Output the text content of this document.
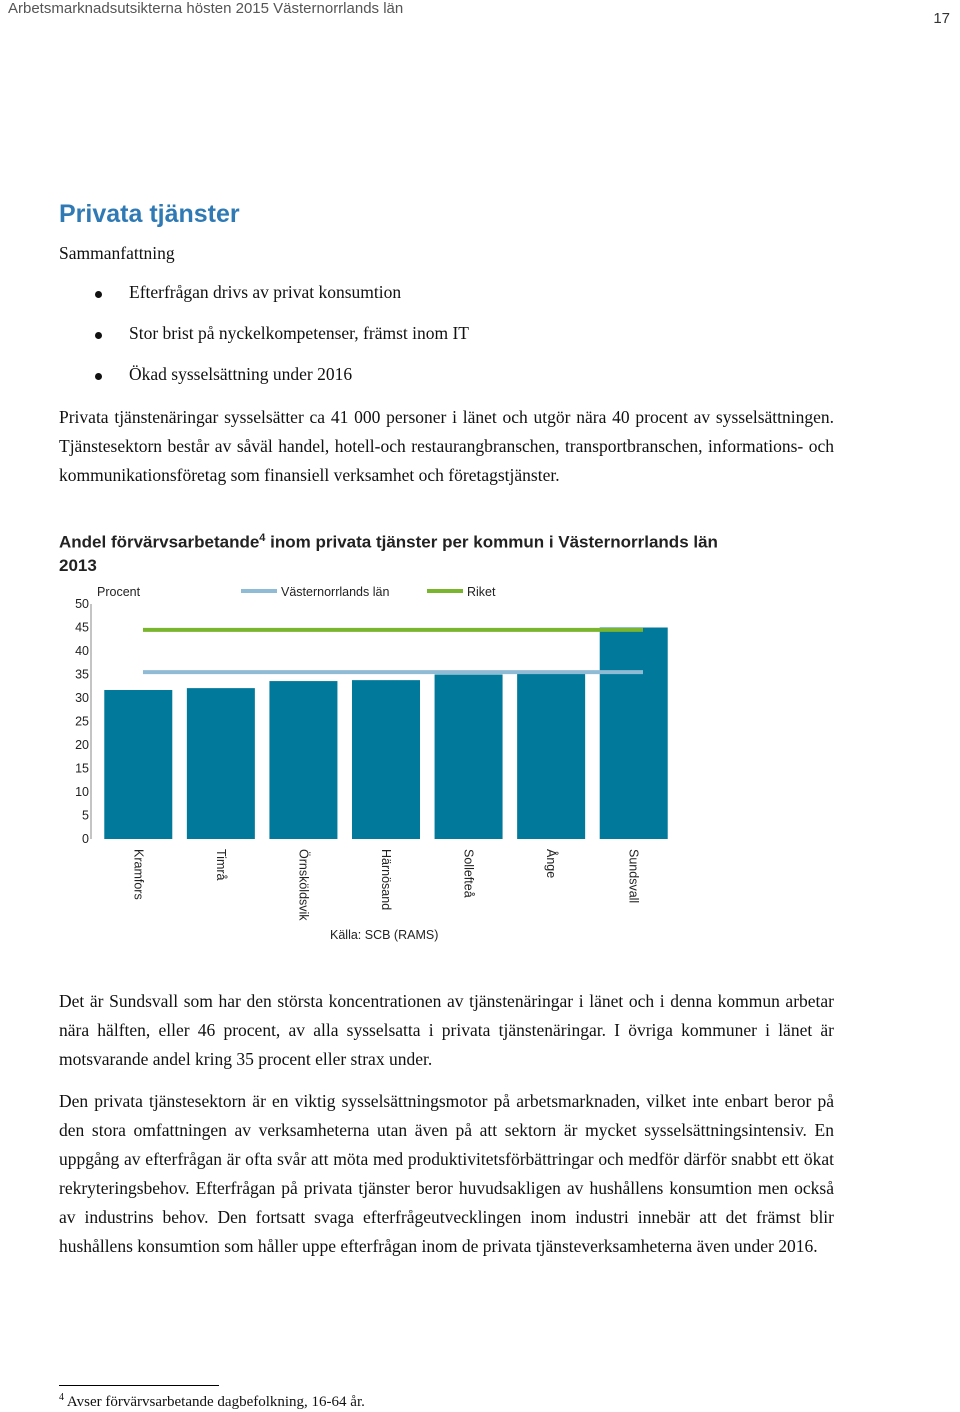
Arbetsmarknadsutsikterna hösten 2015 Västernorrlands län
17
Privata tjänster
Sammanfattning
Efterfrågan drivs av privat konsumtion
Stor brist på nyckelkompetenser, främst inom IT
Ökad sysselsättning under 2016

Privata tjänstenäringar sysselsätter ca 41 000 personer i länet och utgör nära 40 procent av sysselsättningen. Tjänstesektorn består av såväl handel, hotell-och restaurangbranschen, transportbranschen, informations- och kommunikationsföretag som finansiell verksamhet och företagstjänster.

Andel förvärvsarbetande$^4$ inom privata tjänster per kommun i Västernorrlands län 2013
0
5
10
15
20
25
30
35
40
45
50
Procent
Kramfors	Timrå	Örnsköldsvik	Härnösand	Sollefteå	Ånge	Sundsvall
Västernorrlands län	Riket
Källa: SCB (RAMS)

Det är Sundsvall som har den största koncentrationen av tjänstenäringar i länet och i denna kommun arbetar nära hälften, eller 46 procent, av alla sysselsatta i privata tjänstenäringar. I övriga kommuner i länet är motsvarande andel kring 35 procent eller strax under.

Den privata tjänstesektorn är en viktig sysselsättningsmotor på arbetsmarknaden, vilket inte enbart beror på den stora omfattningen av verksamheterna utan även på att sektorn är mycket sysselsättningsintensiv. En uppgång av efterfrågan är ofta svår att möta med produktivitetsförbättringar och medför därför snabbt ett ökat rekryteringsbehov. Efterfrågan på privata tjänster beror huvudsakligen av hushållens konsumtion men också av industrins behov. Den fortsatt svaga efterfrågeutvecklingen inom industri innebär att det främst blir hushållens konsumtion som håller uppe efterfrågan inom de privata tjänsteverksamheterna även under 2016.

$^4$ Avser förvärvsarbetande dagbefolkning, 16-64 år.
